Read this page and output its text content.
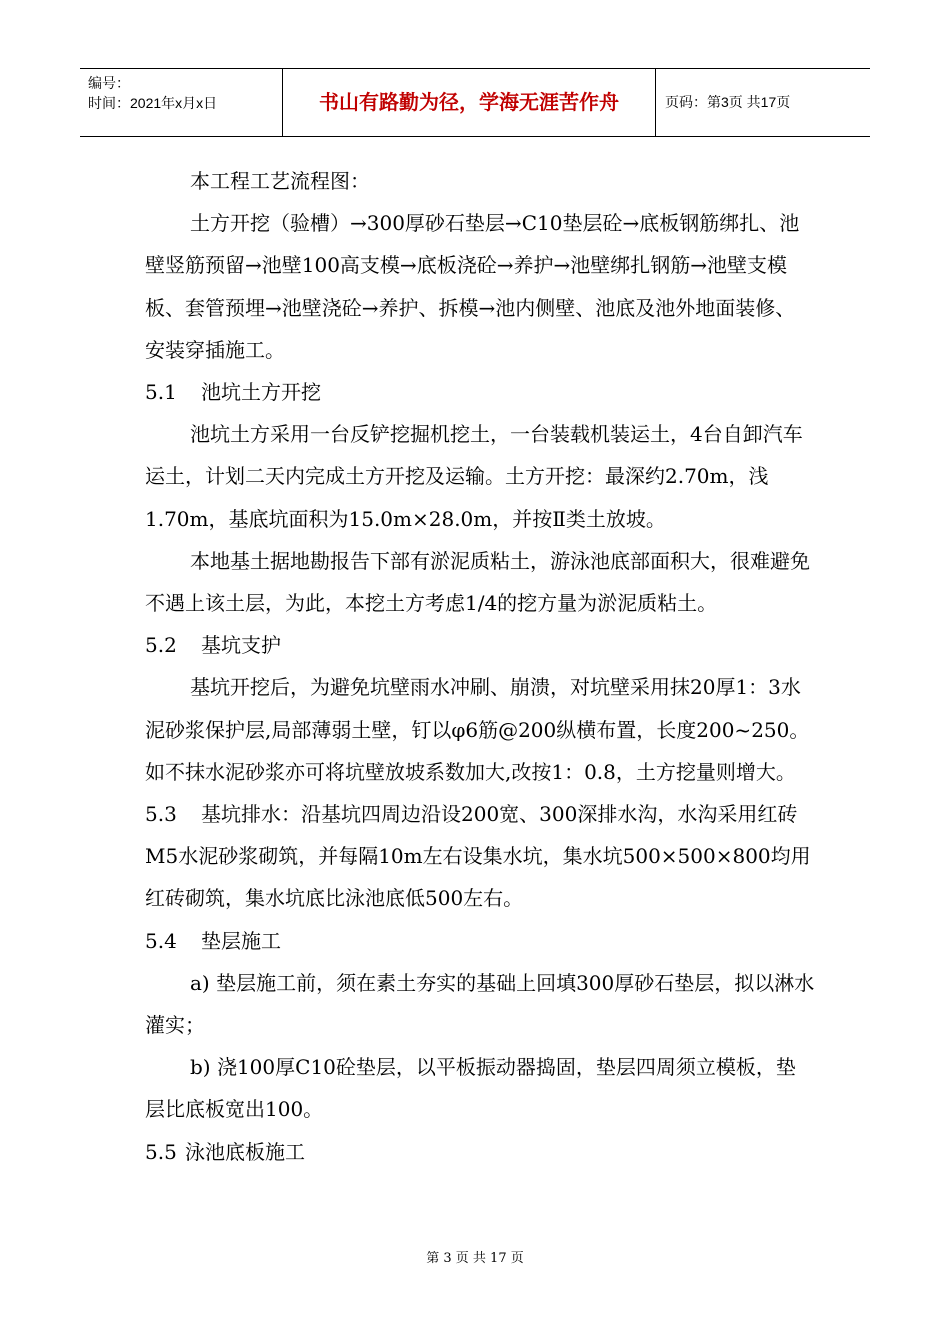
编号：
时间：2021年x月x日	书山有路勤为径，学海无涯苦作舟	页码：第3页 共17页

本工程工艺流程图：

土方开挖（验槽）→300厚砂石垫层→C10垫层砼→底板钢筋绑扎、池壁竖筋预留→池壁100高支模→底板浇砼→养护→池壁绑扎钢筋→池壁支模板、套管预埋→池壁浇砼→养护、拆模→池内侧壁、池底及池外地面装修、安装穿插施工。

5.1 池坑土方开挖

池坑土方采用一台反铲挖掘机挖土，一台装载机装运土，4台自卸汽车运土，计划二天内完成土方开挖及运输。土方开挖：最深约2.70m，浅1.70m，基底坑面积为15.0m×28.0m，并按Ⅱ类土放坡。

本地基土据地勘报告下部有淤泥质粘土，游泳池底部面积大，很难避免不遇上该土层，为此，本挖土方考虑1/4的挖方量为淤泥质粘土。

5.2 基坑支护

基坑开挖后，为避免坑壁雨水冲刷、崩溃，对坑壁采用抹20厚1：3水泥砂浆保护层,局部薄弱土壁，钉以φ6筋@200纵横布置，长度200~250。如不抹水泥砂浆亦可将坑壁放坡系数加大,改按1：0.8，土方挖量则增大。

5.3 基坑排水：沿基坑四周边沿设200宽、300深排水沟，水沟采用红砖M5水泥砂浆砌筑，并每隔10m左右设集水坑，集水坑500×500×800均用红砖砌筑，集水坑底比泳池底低500左右。

5.4 垫层施工

a) 垫层施工前，须在素土夯实的基础上回填300厚砂石垫层，拟以淋水灌实；

b) 浇100厚C10砼垫层，以平板振动器捣固，垫层四周须立模板，垫层比底板宽出100。

5.5 泳池底板施工

第 3 页 共 17 页
